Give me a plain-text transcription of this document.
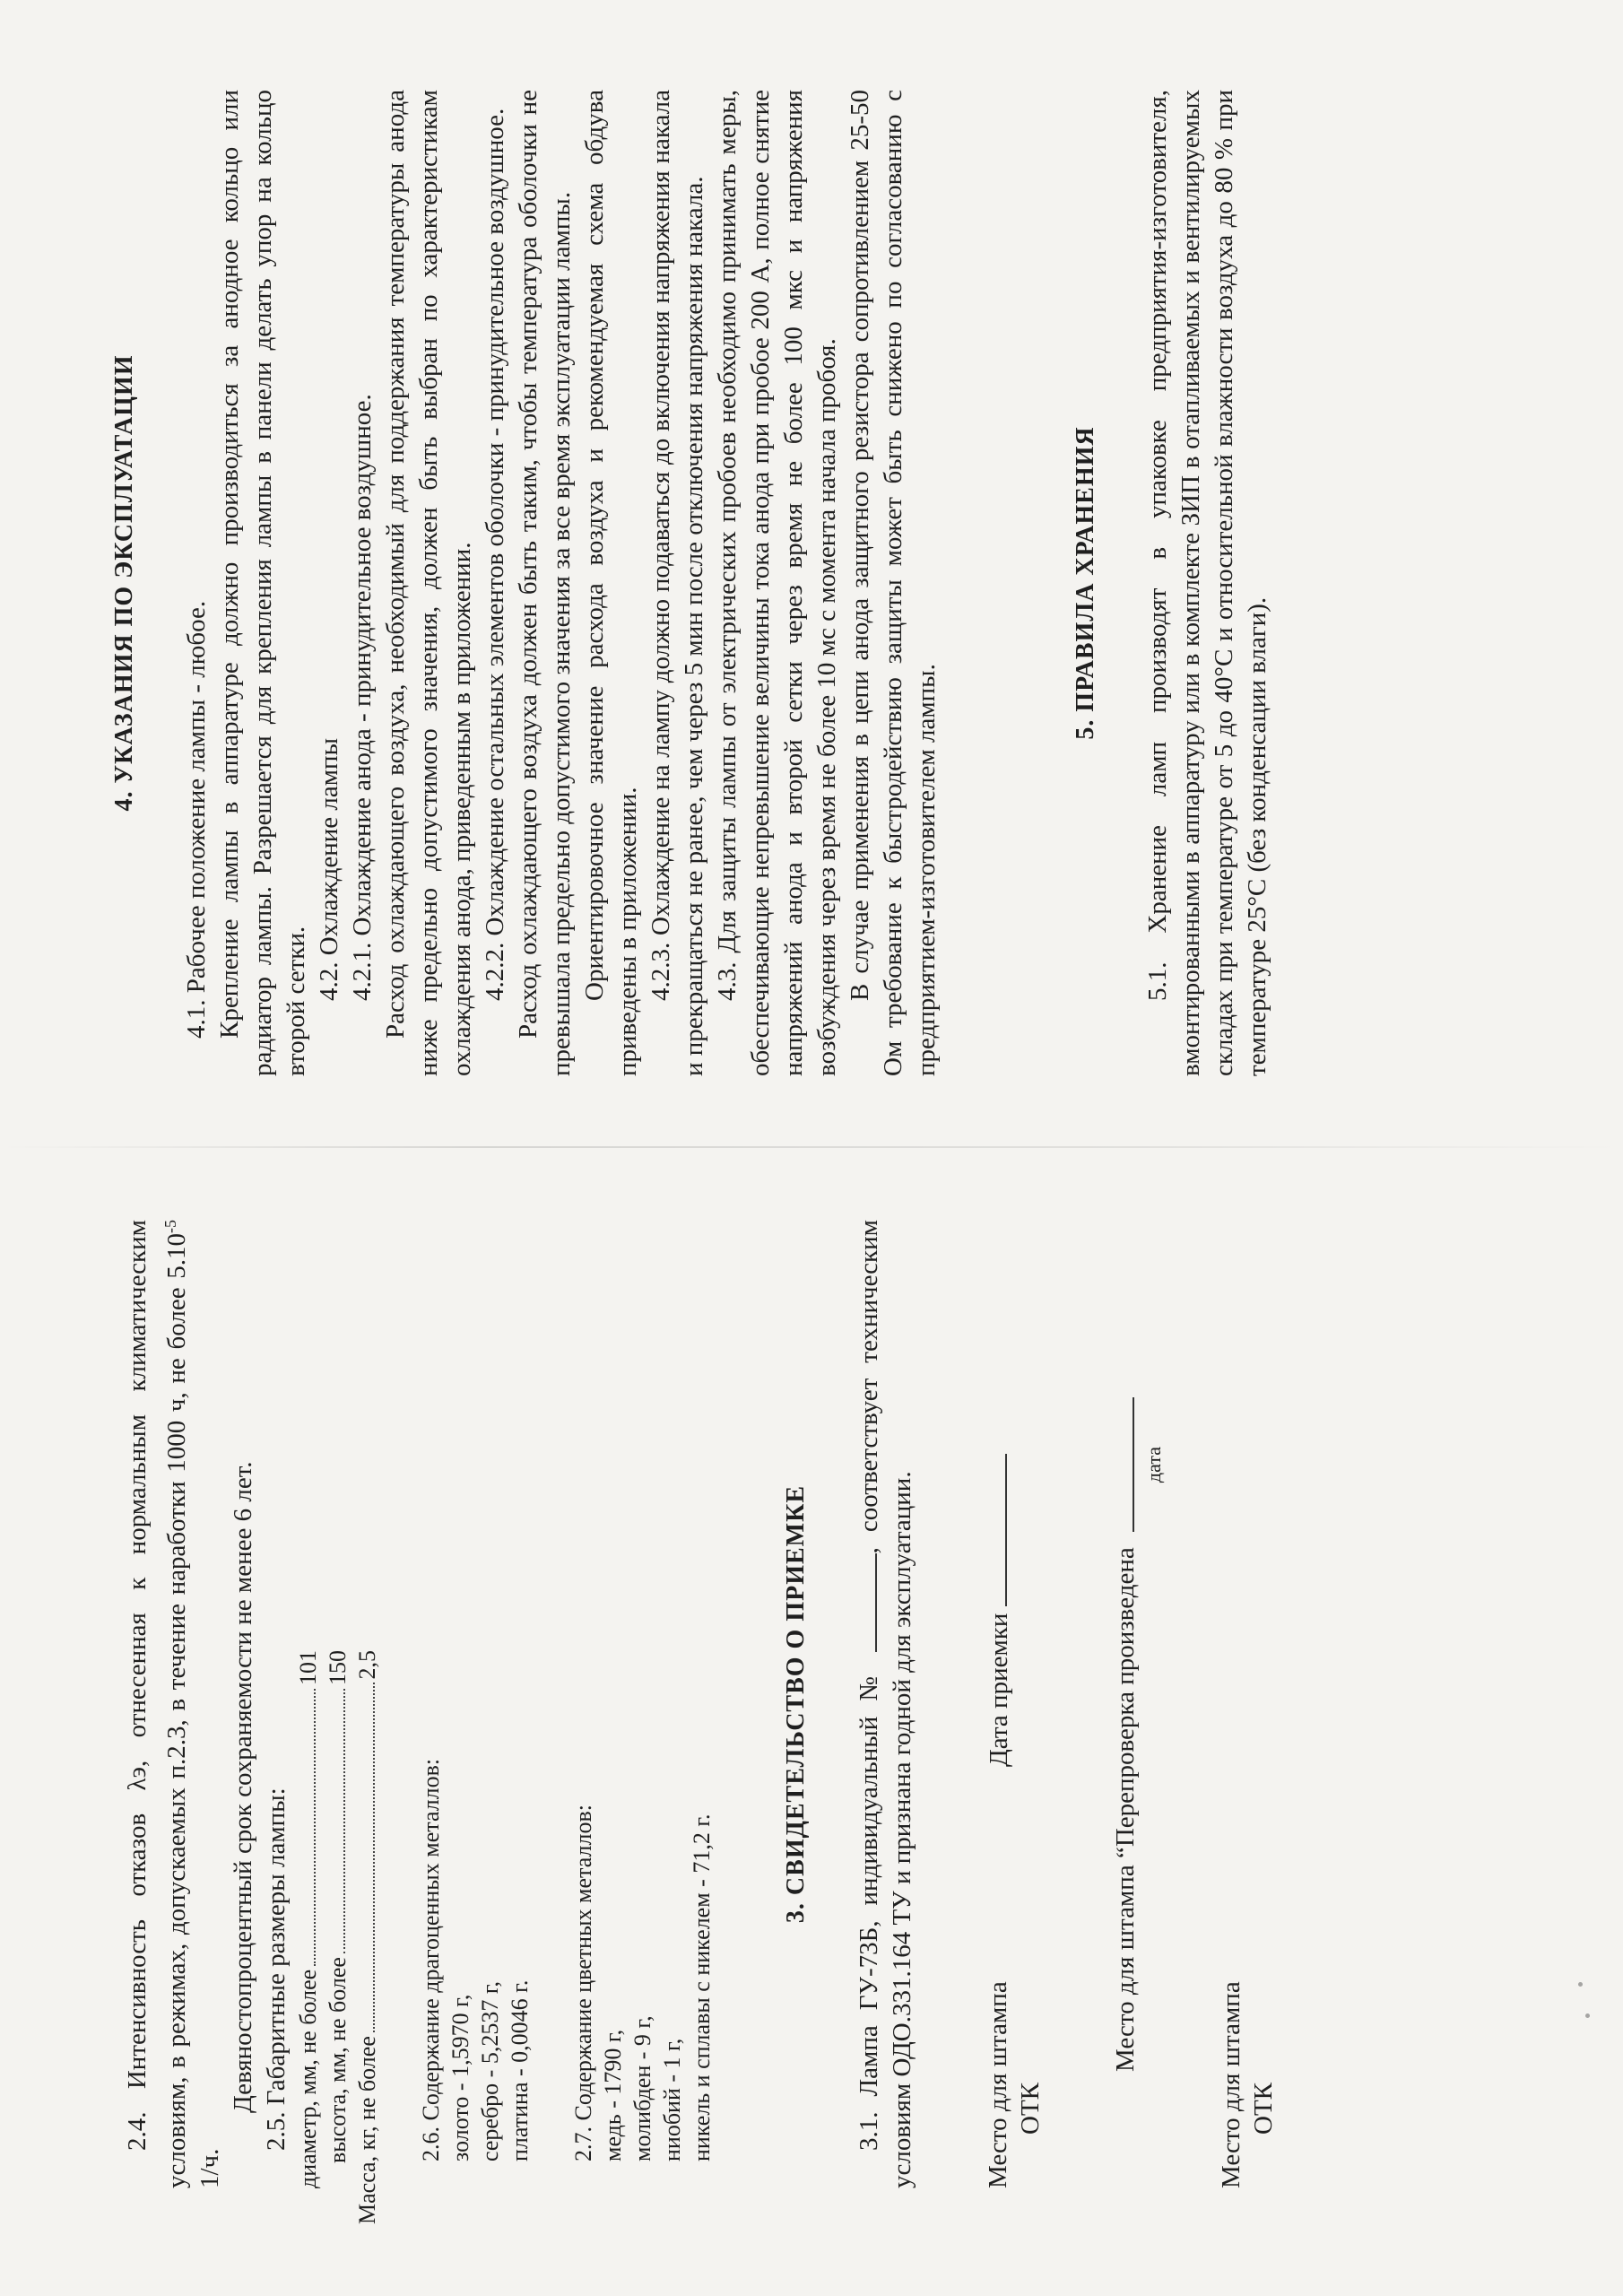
2.4. Интенсивность отказов λэ, отнесенная к нормальным климатическим условиям, в режимах, допускаемых п.2.3, в течение наработки 1000 ч, не более $5.10^{-5}$ 1/ч.

Девяностопроцентный срок сохраняемости не менее 6 лет. 2.5. Габаритные размеры лампы: диаметр, мм, не более
101
высота, мм, не более
150
Масса, кг, не более
2,5
2.6. Содержание драгоценных металлов: золото - 1,5970 г, серебро - 5,2537 г, платина - 0,0046 г. 2.7. Содержание цветных металлов: медь - 1790 г, молибден - 9 г, ниобий - 1 г, никель и сплавы с никелем - 71,2 г.
3. СВИДЕТЕЛЬСТВО О ПРИЕМКЕ 3.1. Лампа ГУ-73Б, индивидуальный № , соответствует техническим условиям ОДО.331.164 ТУ и признана годной для эксплуатации.	Место для штампа ОТК
Дата приемки	Место для штампа “Перепроверка произведена
дата
Место для штампа ОТК
4. УКАЗАНИЯ ПО ЭКСПЛУАТАЦИИ

4.1. Рабочее положение лампы - любое. Крепление лампы в аппаратуре должно производиться за анодное кольцо или радиатор лампы. Разрешается для крепления лампы в панели делать упор на кольцо второй сетки.

4.2. Охлаждение лампы 4.2.1. Охлаждение анода - принудительное воздушное. Расход охлаждающего воздуха, необходимый для поддержания температуры анода ниже предельно допустимого значения, должен быть выбран по характеристикам охлаждения анода, приведенным в приложении. 4.2.2. Охлаждение остальных элементов оболочки - принудительное воздушное. Расход охлаждающего воздуха должен быть таким, чтобы температура оболочки не превышала предельно допустимого значения за все время эксплуатации лампы. Ориентировочное значение расхода воздуха и рекомендуемая схема обдува приведены в приложении. 4.2.3. Охлаждение на лампу должно подаваться до включения напряжения накала и прекращаться не ранее, чем через 5 мин после отключения напряжения накала. 4.3. Для защиты лампы от электрических пробоев необходимо принимать меры, обеспечивающие непревышение величины тока анода при пробое 200 А, полное снятие напряжений анода и второй сетки через время не более 100 мкс и напряжения возбуждения через время не более 10 мс с момента начала пробоя. В случае применения в цепи анода защитного резистора сопротивлением 25-50 Ом требование к быстродействию защиты может быть снижено по согласованию с предприятием-изготовителем лампы.

5. ПРАВИЛА ХРАНЕНИЯ 5.1. Хранение ламп производят в упаковке предприятия-изготовителя, вмонтированными в аппаратуру или в комплекте ЗИП в отапливаемых и вентилируемых складах при температуре от 5 до 40°С и относительной влажности воздуха до 80 % при температуре 25°С (без конденсации влаги).
